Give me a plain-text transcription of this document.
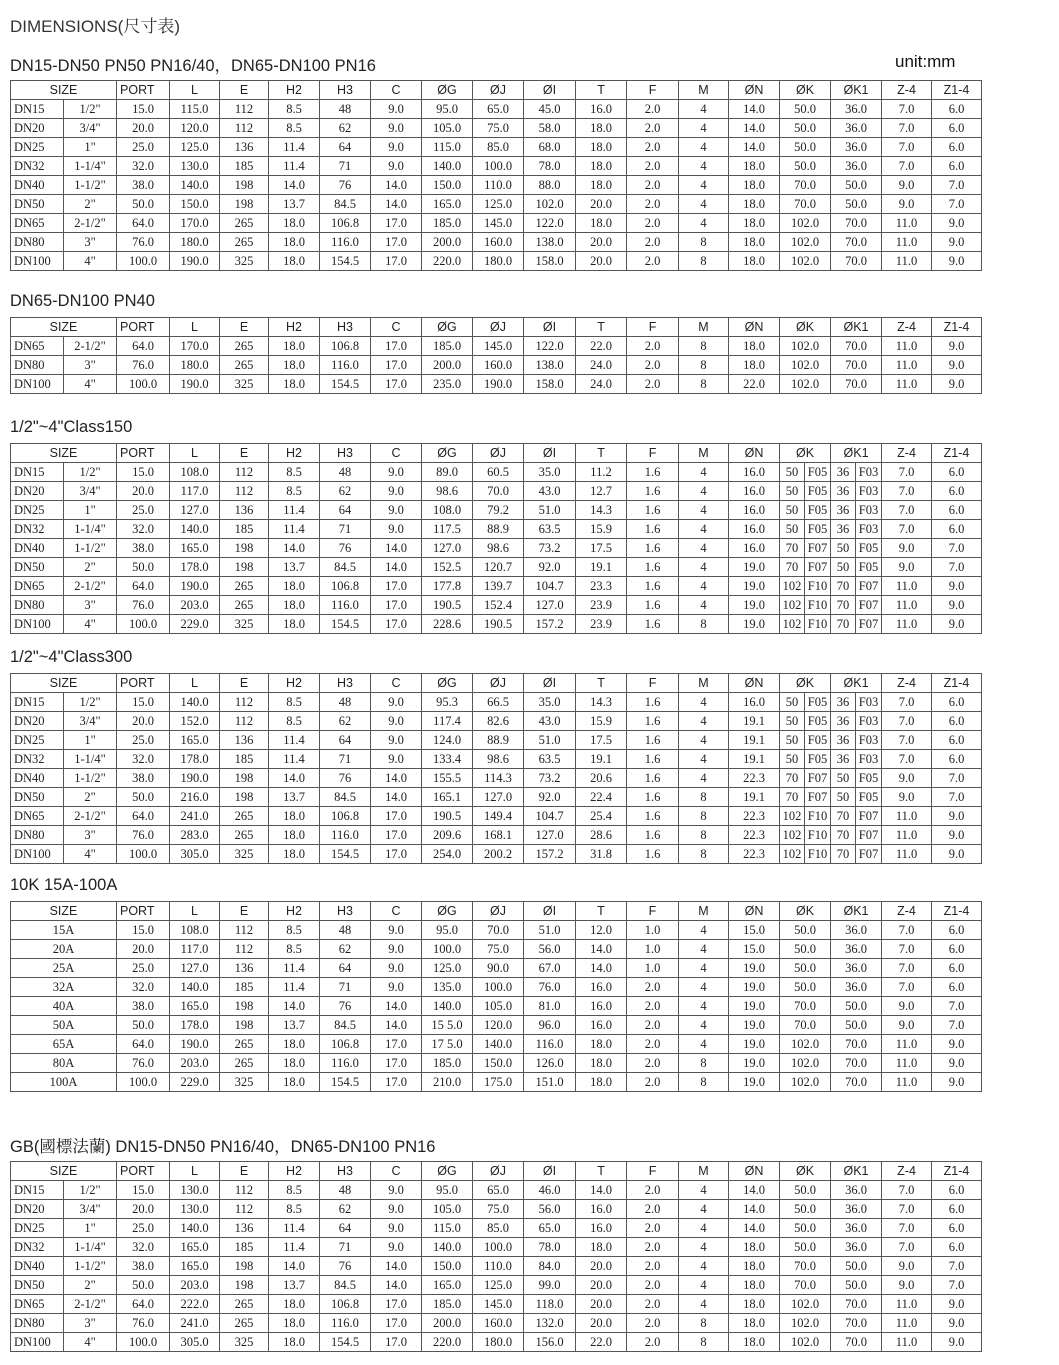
DIMENSIONS(尺寸表)
unit:mm
DN15-DN50 PN50 PN16/40，DN65-DN100 PN16
SIZE		PORT	L	E	H2	H3	C	ØG	ØJ	ØI	T	F	M	ØN	ØK	ØK1	Z-4	Z1-4
DN15	1/2"	15.0	115.0	112	8.5	48	9.0	95.0	65.0	45.0	16.0	2.0	4	14.0	50.0	36.0	7.0	6.0
DN20	3/4"	20.0	120.0	112	8.5	62	9.0	105.0	75.0	58.0	18.0	2.0	4	14.0	50.0	36.0	7.0	6.0
DN25	1"	25.0	125.0	136	11.4	64	9.0	115.0	85.0	68.0	18.0	2.0	4	14.0	50.0	36.0	7.0	6.0
DN32	1-1/4"	32.0	130.0	185	11.4	71	9.0	140.0	100.0	78.0	18.0	2.0	4	18.0	50.0	36.0	7.0	6.0
DN40	1-1/2"	38.0	140.0	198	14.0	76	14.0	150.0	110.0	88.0	18.0	2.0	4	18.0	70.0	50.0	9.0	7.0
DN50	2"	50.0	150.0	198	13.7	84.5	14.0	165.0	125.0	102.0	20.0	2.0	4	18.0	70.0	50.0	9.0	7.0
DN65	2-1/2"	64.0	170.0	265	18.0	106.8	17.0	185.0	145.0	122.0	18.0	2.0	4	18.0	102.0	70.0	11.0	9.0
DN80	3"	76.0	180.0	265	18.0	116.0	17.0	200.0	160.0	138.0	20.0	2.0	8	18.0	102.0	70.0	11.0	9.0
DN100	4"	100.0	190.0	325	18.0	154.5	17.0	220.0	180.0	158.0	20.0	2.0	8	18.0	102.0	70.0	11.0	9.0
DN65-DN100 PN40
SIZE		PORT	L	E	H2	H3	C	ØG	ØJ	ØI	T	F	M	ØN	ØK	ØK1	Z-4	Z1-4
DN65	2-1/2"	64.0	170.0	265	18.0	106.8	17.0	185.0	145.0	122.0	22.0	2.0	8	18.0	102.0	70.0	11.0	9.0
DN80	3"	76.0	180.0	265	18.0	116.0	17.0	200.0	160.0	138.0	24.0	2.0	8	18.0	102.0	70.0	11.0	9.0
DN100	4"	100.0	190.0	325	18.0	154.5	17.0	235.0	190.0	158.0	24.0	2.0	8	22.0	102.0	70.0	11.0	9.0
1/2"~4"Class150
SIZE		PORT	L	E	H2	H3	C	ØG	ØJ	ØI	T	F	M	ØN	ØK		ØK1		Z-4	Z1-4
DN15	1/2"	15.0	108.0	112	8.5	48	9.0	89.0	60.5	35.0	11.2	1.6	4	16.0	50	F05	36	F03	7.0	6.0
DN20	3/4"	20.0	117.0	112	8.5	62	9.0	98.6	70.0	43.0	12.7	1.6	4	16.0	50	F05	36	F03	7.0	6.0
DN25	1"	25.0	127.0	136	11.4	64	9.0	108.0	79.2	51.0	14.3	1.6	4	16.0	50	F05	36	F03	7.0	6.0
DN32	1-1/4"	32.0	140.0	185	11.4	71	9.0	117.5	88.9	63.5	15.9	1.6	4	16.0	50	F05	36	F03	7.0	6.0
DN40	1-1/2"	38.0	165.0	198	14.0	76	14.0	127.0	98.6	73.2	17.5	1.6	4	16.0	70	F07	50	F05	9.0	7.0
DN50	2"	50.0	178.0	198	13.7	84.5	14.0	152.5	120.7	92.0	19.1	1.6	4	19.0	70	F07	50	F05	9.0	7.0
DN65	2-1/2"	64.0	190.0	265	18.0	106.8	17.0	177.8	139.7	104.7	23.3	1.6	4	19.0	102	F10	70	F07	11.0	9.0
DN80	3"	76.0	203.0	265	18.0	116.0	17.0	190.5	152.4	127.0	23.9	1.6	4	19.0	102	F10	70	F07	11.0	9.0
DN100	4"	100.0	229.0	325	18.0	154.5	17.0	228.6	190.5	157.2	23.9	1.6	8	19.0	102	F10	70	F07	11.0	9.0
1/2"~4"Class300
SIZE		PORT	L	E	H2	H3	C	ØG	ØJ	ØI	T	F	M	ØN	ØK		ØK1		Z-4	Z1-4
DN15	1/2"	15.0	140.0	112	8.5	48	9.0	95.3	66.5	35.0	14.3	1.6	4	16.0	50	F05	36	F03	7.0	6.0
DN20	3/4"	20.0	152.0	112	8.5	62	9.0	117.4	82.6	43.0	15.9	1.6	4	19.1	50	F05	36	F03	7.0	6.0
DN25	1"	25.0	165.0	136	11.4	64	9.0	124.0	88.9	51.0	17.5	1.6	4	19.1	50	F05	36	F03	7.0	6.0
DN32	1-1/4"	32.0	178.0	185	11.4	71	9.0	133.4	98.6	63.5	19.1	1.6	4	19.1	50	F05	36	F03	7.0	6.0
DN40	1-1/2"	38.0	190.0	198	14.0	76	14.0	155.5	114.3	73.2	20.6	1.6	4	22.3	70	F07	50	F05	9.0	7.0
DN50	2"	50.0	216.0	198	13.7	84.5	14.0	165.1	127.0	92.0	22.4	1.6	8	19.1	70	F07	50	F05	9.0	7.0
DN65	2-1/2"	64.0	241.0	265	18.0	106.8	17.0	190.5	149.4	104.7	25.4	1.6	8	22.3	102	F10	70	F07	11.0	9.0
DN80	3"	76.0	283.0	265	18.0	116.0	17.0	209.6	168.1	127.0	28.6	1.6	8	22.3	102	F10	70	F07	11.0	9.0
DN100	4"	100.0	305.0	325	18.0	154.5	17.0	254.0	200.2	157.2	31.8	1.6	8	22.3	102	F10	70	F07	11.0	9.0
10K 15A-100A
SIZE	PORT	L	E	H2	H3	C	ØG	ØJ	ØI	T	F	M	ØN	ØK	ØK1	Z-4	Z1-4
15A	15.0	108.0	112	8.5	48	9.0	95.0	70.0	51.0	12.0	1.0	4	15.0	50.0	36.0	7.0	6.0
20A	20.0	117.0	112	8.5	62	9.0	100.0	75.0	56.0	14.0	1.0	4	15.0	50.0	36.0	7.0	6.0
25A	25.0	127.0	136	11.4	64	9.0	125.0	90.0	67.0	14.0	1.0	4	19.0	50.0	36.0	7.0	6.0
32A	32.0	140.0	185	11.4	71	9.0	135.0	100.0	76.0	16.0	2.0	4	19.0	50.0	36.0	7.0	6.0
40A	38.0	165.0	198	14.0	76	14.0	140.0	105.0	81.0	16.0	2.0	4	19.0	70.0	50.0	9.0	7.0
50A	50.0	178.0	198	13.7	84.5	14.0	15 5.0	120.0	96.0	16.0	2.0	4	19.0	70.0	50.0	9.0	7.0
65A	64.0	190.0	265	18.0	106.8	17.0	17 5.0	140.0	116.0	18.0	2.0	4	19.0	102.0	70.0	11.0	9.0
80A	76.0	203.0	265	18.0	116.0	17.0	185.0	150.0	126.0	18.0	2.0	8	19.0	102.0	70.0	11.0	9.0
100A	100.0	229.0	325	18.0	154.5	17.0	210.0	175.0	151.0	18.0	2.0	8	19.0	102.0	70.0	11.0	9.0
GB(國標法蘭) DN15-DN50 PN16/40，DN65-DN100 PN16
SIZE		PORT	L	E	H2	H3	C	ØG	ØJ	ØI	T	F	M	ØN	ØK	ØK1	Z-4	Z1-4
DN15	1/2"	15.0	130.0	112	8.5	48	9.0	95.0	65.0	46.0	14.0	2.0	4	14.0	50.0	36.0	7.0	6.0
DN20	3/4"	20.0	130.0	112	8.5	62	9.0	105.0	75.0	56.0	16.0	2.0	4	14.0	50.0	36.0	7.0	6.0
DN25	1"	25.0	140.0	136	11.4	64	9.0	115.0	85.0	65.0	16.0	2.0	4	14.0	50.0	36.0	7.0	6.0
DN32	1-1/4"	32.0	165.0	185	11.4	71	9.0	140.0	100.0	78.0	18.0	2.0	4	18.0	50.0	36.0	7.0	6.0
DN40	1-1/2"	38.0	165.0	198	14.0	76	14.0	150.0	110.0	84.0	20.0	2.0	4	18.0	70.0	50.0	9.0	7.0
DN50	2"	50.0	203.0	198	13.7	84.5	14.0	165.0	125.0	99.0	20.0	2.0	4	18.0	70.0	50.0	9.0	7.0
DN65	2-1/2"	64.0	222.0	265	18.0	106.8	17.0	185.0	145.0	118.0	20.0	2.0	4	18.0	102.0	70.0	11.0	9.0
DN80	3"	76.0	241.0	265	18.0	116.0	17.0	200.0	160.0	132.0	20.0	2.0	8	18.0	102.0	70.0	11.0	9.0
DN100	4"	100.0	305.0	325	18.0	154.5	17.0	220.0	180.0	156.0	22.0	2.0	8	18.0	102.0	70.0	11.0	9.0
